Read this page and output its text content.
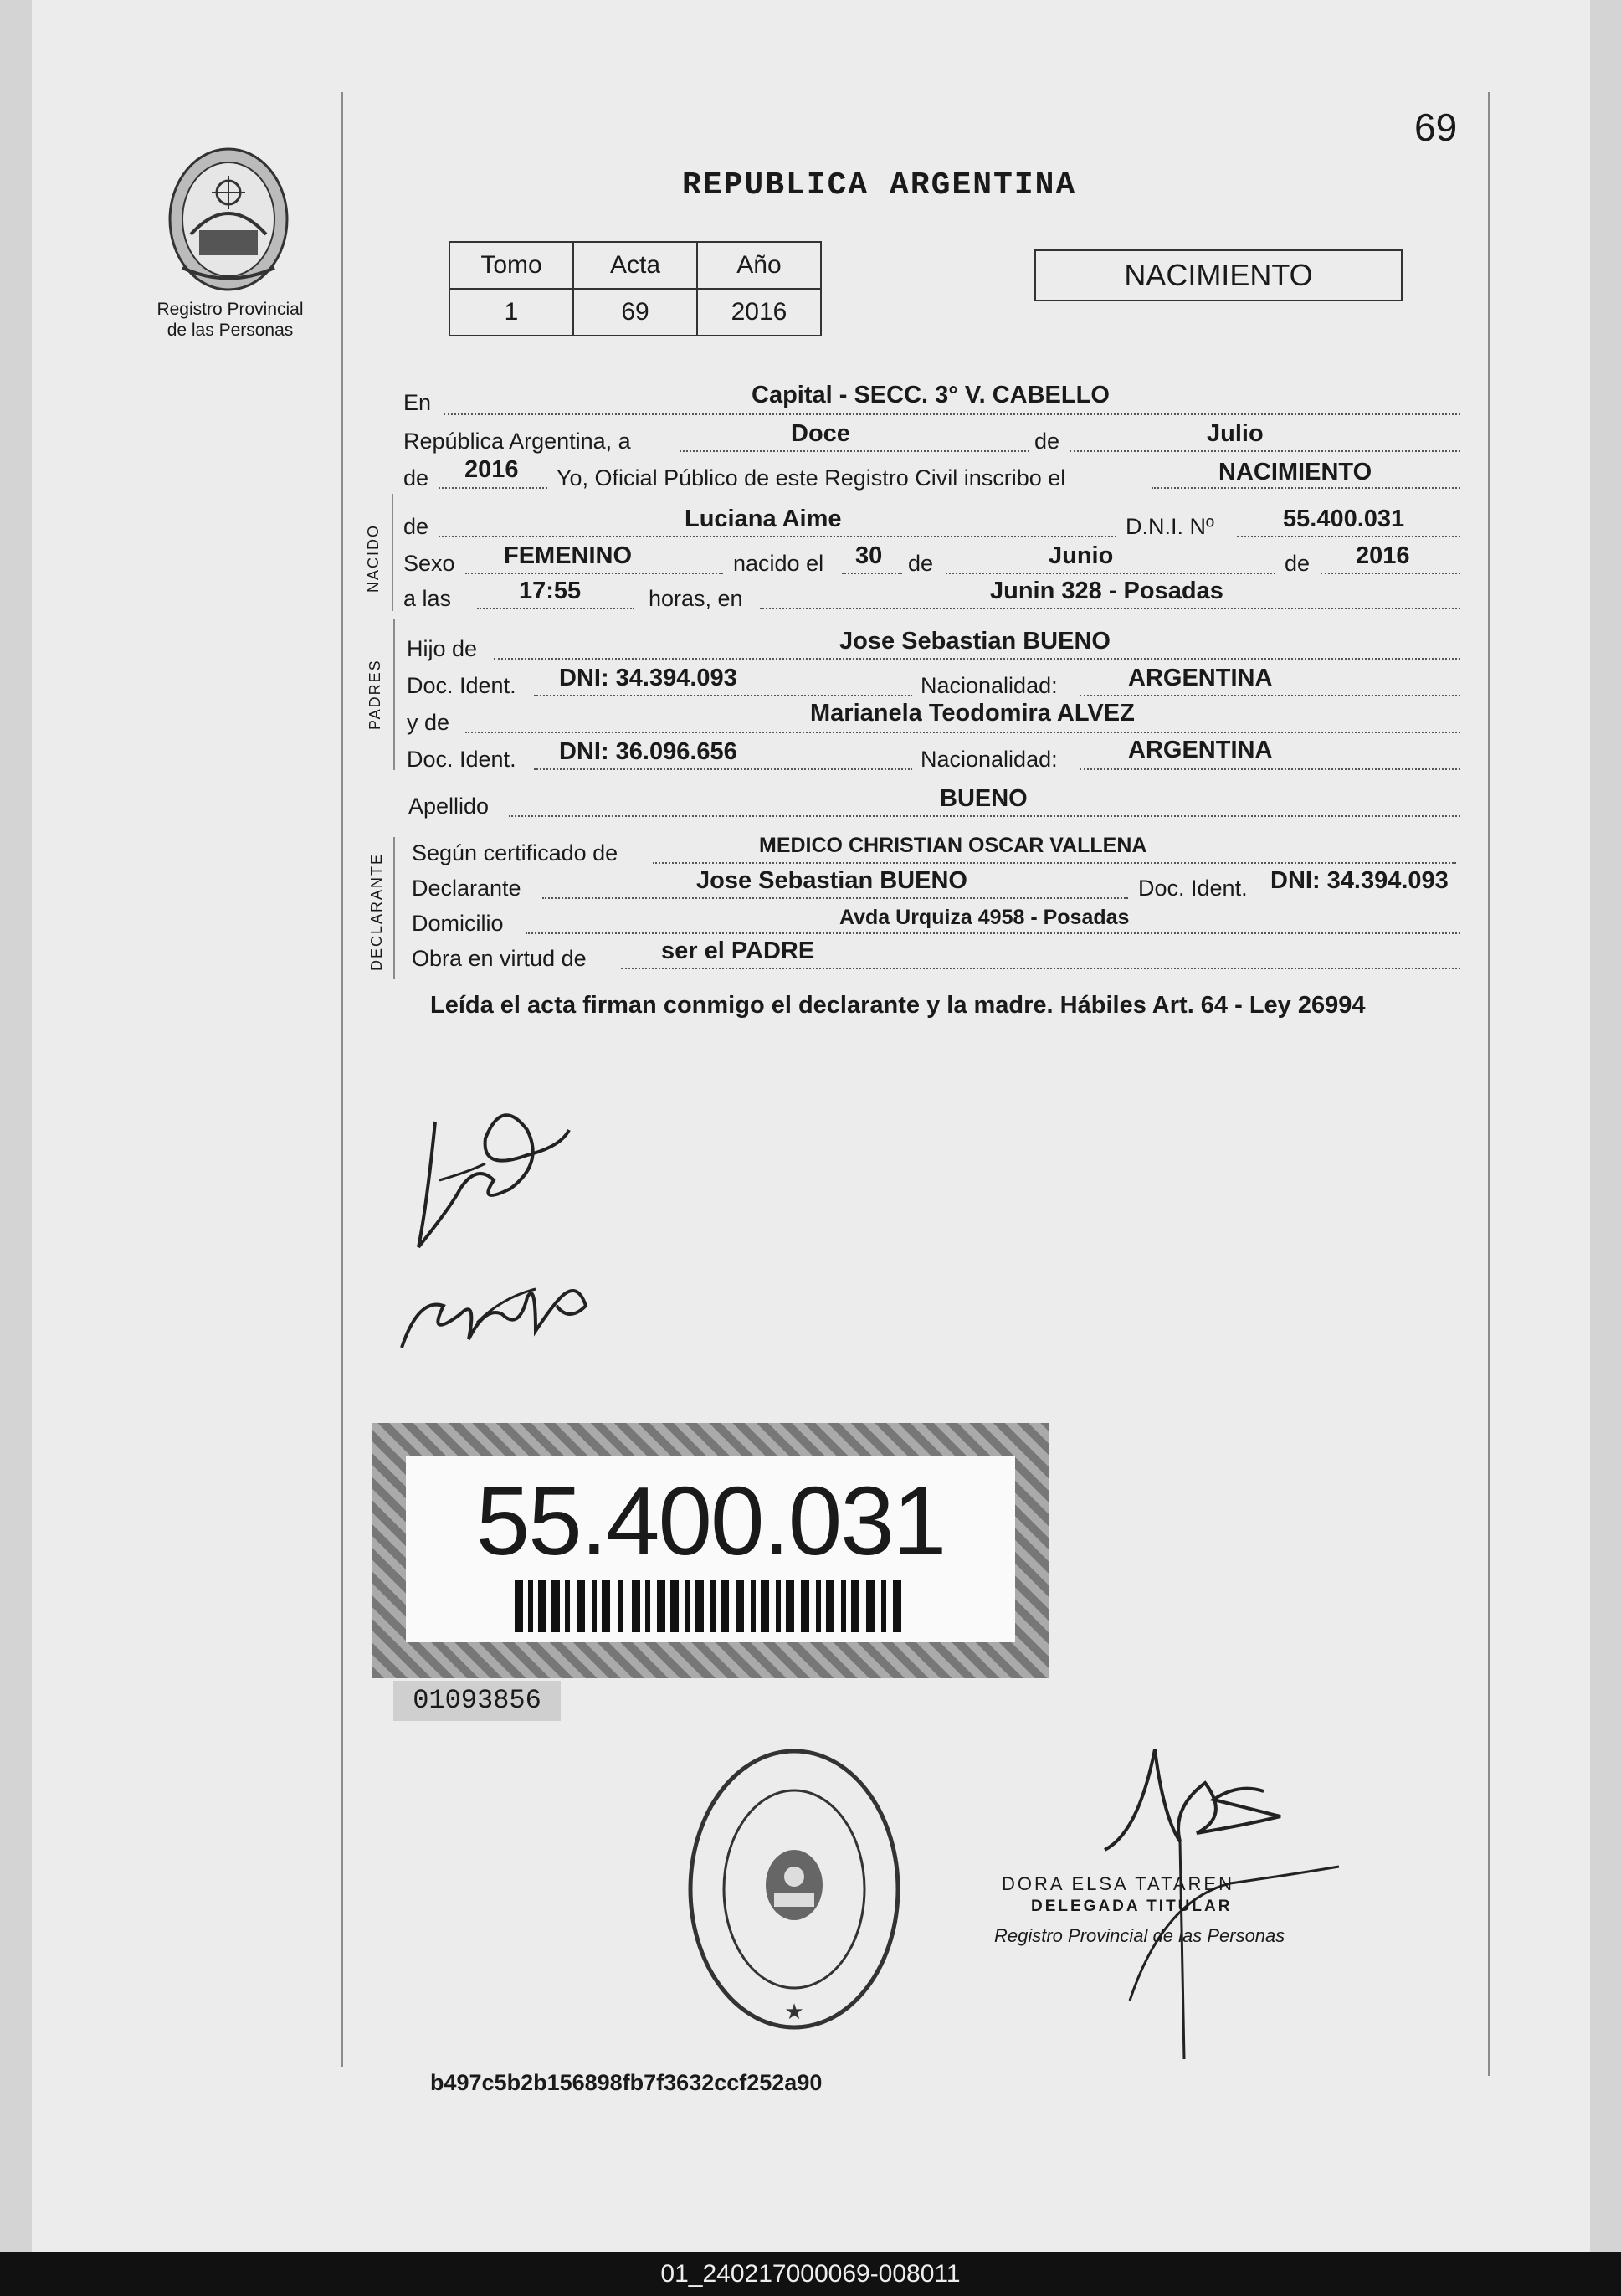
69
Registro Provincial
de las Personas
REPUBLICA ARGENTINA
Tomo	Acta	Año
1	69	2016
NACIMIENTO
En	Capital - SECC. 3° V. CABELLO
República Argentina, a	Doce	de	Julio
de 2016 Yo, Oficial Público de este Registro Civil inscribo el	NACIMIENTO
NACIDO de	Luciana Aime	D.N.I. Nº	55.400.031
Sexo FEMENINO	nacido el 30 de	Junio	de 2016
a las	17:55	horas, en	Junin 328 - Posadas
PADRES
Hijo de	Jose Sebastian BUENO
Doc. Ident. DNI: 34.394.093	Nacionalidad:	ARGENTINA
y de	Marianela Teodomira ALVEZ
Doc. Ident. DNI: 36.096.656	Nacionalidad:	ARGENTINA
Apellido	BUENO
DECLARANTE Según certificado de	MEDICO CHRISTIAN OSCAR VALLENA
Declarante	Jose Sebastian BUENO	Doc. Ident. DNI: 34.394.093
Domicilio	Avda Urquiza 4958 - Posadas
Obra en virtud de	ser el PADRE
Leída el acta firman conmigo el declarante y la madre. Hábiles Art. 64 - Ley 26994
55.400.031
01093856
★
DORA ELSA TATAREN
DELEGADA TITULAR
Registro Provincial de las Personas
b497c5b2b156898fb7f3632ccf252a90
01_240217000069-008011
